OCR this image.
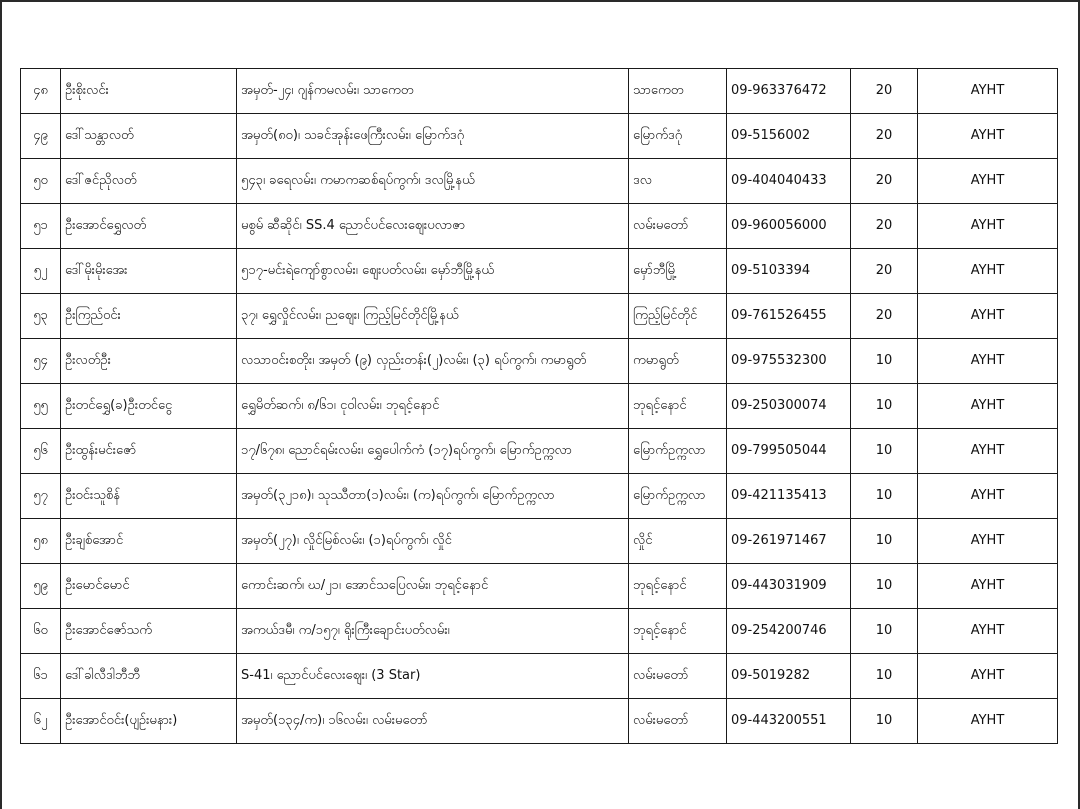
၄၈	ဦးစိုးလင်း	အမှတ်-၂၄၊ ဂျန်ကမလမ်း၊ သာကေတ	သာကေတ	09-963376472	20	AYHT
၄၉	ဒေါ်သန္တာလတ်	အမှတ်(၈၀)၊ သခင်အုန်းဖေကြီးလမ်း၊ မြောက်ဒဂုံ	မြောက်ဒဂုံ	09-5156002	20	AYHT
၅၀	ဒေါ်ဇင်ညိုလတ်	၅၄၃၊ ခရေလမ်း၊ ကမာကဆစ်ရပ်ကွက်၊ ဒလမြို့နယ်	ဒလ	09-404040433	20	AYHT
၅၁	ဦးအောင်ရွှေလတ်	မစွမ် ဆီဆိုင်၊ SS.4 ညောင်ပင်လေးဈေးပလာဇာ	လမ်းမတော်	09-960056000	20	AYHT
၅၂	ဒေါ်မိုးမိုးအေး	၅၁၇-မင်းရဲကျော်စွာလမ်း၊ ဈေးပတ်လမ်း၊ မှော်ဘီမြို့နယ်	မှော်ဘီမြို့	09-5103394	20	AYHT
၅၃	ဦးကြည်ဝင်း	၃၇၊ ရွှေလှိုင်လမ်း၊ ညဈေး၊ ကြည့်မြင်တိုင်မြို့နယ်	ကြည့်မြင်တိုင်	09-761526455	20	AYHT
၅၄	ဦးလတ်ဦး	လသာဝင်းစတိုး၊ အမှတ် (၉) လှည်းတန်း(၂)လမ်း၊ (၃) ရပ်ကွက်၊ ကမာရွတ်	ကမာရွတ်	09-975532300	10	AYHT
၅၅	ဦးတင်ရွှေ(ခ)ဦးတင်ငွေ	ရွှေမိတ်ဆက်၊ ၈/၆၁၊ ငုဝါလမ်း၊ ဘုရင့်နောင်	ဘုရင့်နောင်	09-250300074	10	AYHT
၅၆	ဦးထွန်းမင်းဇော်	၁၇/၆၇၈၊ ညောင်ရမ်းလမ်း၊ ရွှေပေါက်ကံ (၁၇)ရပ်ကွက်၊ မြောက်ဥက္ကလာ	မြောက်ဥက္ကလာ	09-799505044	10	AYHT
၅၇	ဦးဝင်းသူစိန်	အမှတ်(၃၂၁၈)၊ သုဿီတာ(၁)လမ်း၊ (က)ရပ်ကွက်၊ မြောက်ဥက္ကလာ	မြောက်ဥက္ကလာ	09-421135413	10	AYHT
၅၈	ဦးချစ်အောင်	အမှတ်(၂၇)၊ လှိုင်မြစ်လမ်း၊ (၁)ရပ်ကွက်၊ လှိုင်	လှိုင်	09-261971467	10	AYHT
၅၉	ဦးမောင်မောင်	ကောင်းဆက်၊ ဃ/၂၁၊ အောင်သပြေလမ်း၊ ဘုရင့်နောင်	ဘုရင့်နောင်	09-443031909	10	AYHT
၆၀	ဦးအောင်ဇော်သက်	အကယ်ဒမီ၊ က/၁၅၇၊ ရိုးကြီးချောင်းပတ်လမ်း၊	ဘုရင့်နောင်	09-254200746	10	AYHT
၆၁	ဒေါ်ခါလီဒါဘီဘီ	S-41၊ ညောင်ပင်လေးဈေး၊ (3 Star)	လမ်းမတော်	09-5019282	10	AYHT
၆၂	ဦးအောင်ဝင်း(ပျဉ်းမနား)	အမှတ်(၁၃၄/က)၊ ၁၆လမ်း၊ လမ်းမတော်	လမ်းမတော်	09-443200551	10	AYHT
